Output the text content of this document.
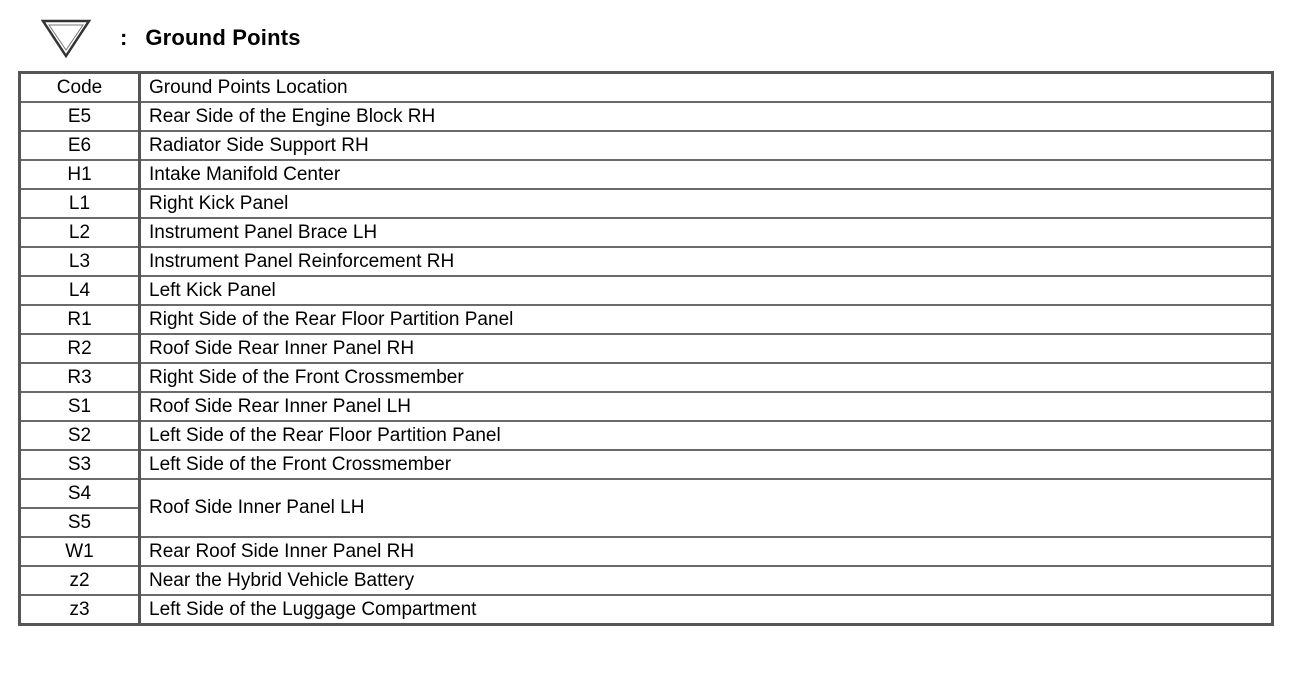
: Ground Points
Code	Ground Points Location
E5	Rear Side of the Engine Block RH
E6	Radiator Side Support RH
H1	Intake Manifold Center
L1	Right Kick Panel
L2	Instrument Panel Brace LH
L3	Instrument Panel Reinforcement RH
L4	Left Kick Panel
R1	Right Side of the Rear Floor Partition Panel
R2	Roof Side Rear Inner Panel RH
R3	Right Side of the Front Crossmember
S1	Roof Side Rear Inner Panel LH
S2	Left Side of the Rear Floor Partition Panel
S3	Left Side of the Front Crossmember
S4	Roof Side Inner Panel LH
S5	
W1	Rear Roof Side Inner Panel RH
z2	Near the Hybrid Vehicle Battery
z3	Left Side of the Luggage Compartment
